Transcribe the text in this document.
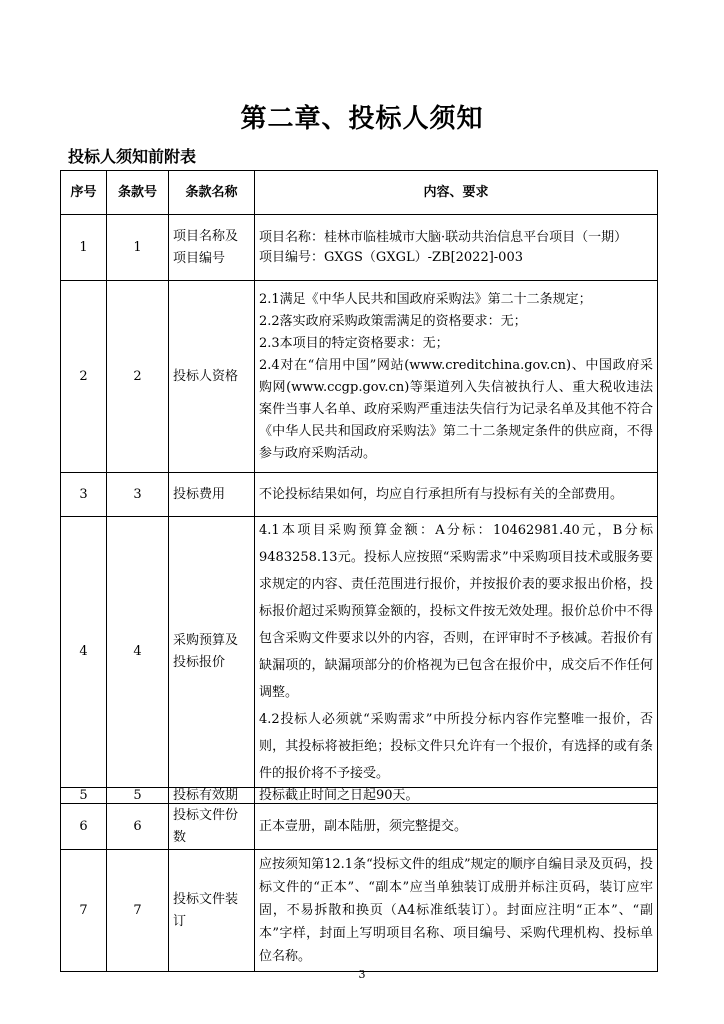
第二章、投标人须知
投标人须知前附表
序号	条款号	条款名称	内容、要求
1	1	项目名称及项目编号	项目名称：桂林市临桂城市大脑·联动共治信息平台项目（一期）
项目编号：GXGS（GXGL）-ZB[2022]-003

2	2	投标人资格	2.1满足《中华人民共和国政府采购法》第二十二条规定；
2.2落实政府采购政策需满足的资格要求：无；
2.3本项目的特定资格要求：无；
2.4对在“信用中国”网站(www.creditchina.gov.cn)、中国政府采购网(www.ccgp.gov.cn)等渠道列入失信被执行人、重大税收违法案件当事人名单、政府采购严重违法失信行为记录名单及其他不符合《中华人民共和国政府采购法》第二十二条规定条件的供应商，不得参与政府采购活动。

3	3	投标费用	不论投标结果如何，均应自行承担所有与投标有关的全部费用。

4	4	采购预算及投标报价	4.1本项目采购预算金额：A分标：10462981.40元，B分标9483258.13元。投标人应按照“采购需求”中采购项目技术或服务要求规定的内容、责任范围进行报价，并按报价表的要求报出价格，投标报价超过采购预算金额的，投标文件按无效处理。报价总价中不得包含采购文件要求以外的内容，否则，在评审时不予核减。若报价有缺漏项的，缺漏项部分的价格视为已包含在报价中，成交后不作任何调整。
4.2投标人必须就“采购需求”中所投分标内容作完整唯一报价，否则，其投标将被拒绝；投标文件只允许有一个报价，有选择的或有条件的报价将不予接受。

5	5	投标有效期	投标截止时间之日起90天。

6	6	投标文件份数	正本壹册，副本陆册，须完整提交。

7	7	投标文件装订	应按须知第12.1条“投标文件的组成”规定的顺序自编目录及页码，投标文件的“正本”、“副本”应当单独装订成册并标注页码，装订应牢固，不易拆散和换页（A4标准纸装订）。封面应注明“正本”、“副本”字样，封面上写明项目名称、项目编号、采购代理机构、投标单位名称。
3
